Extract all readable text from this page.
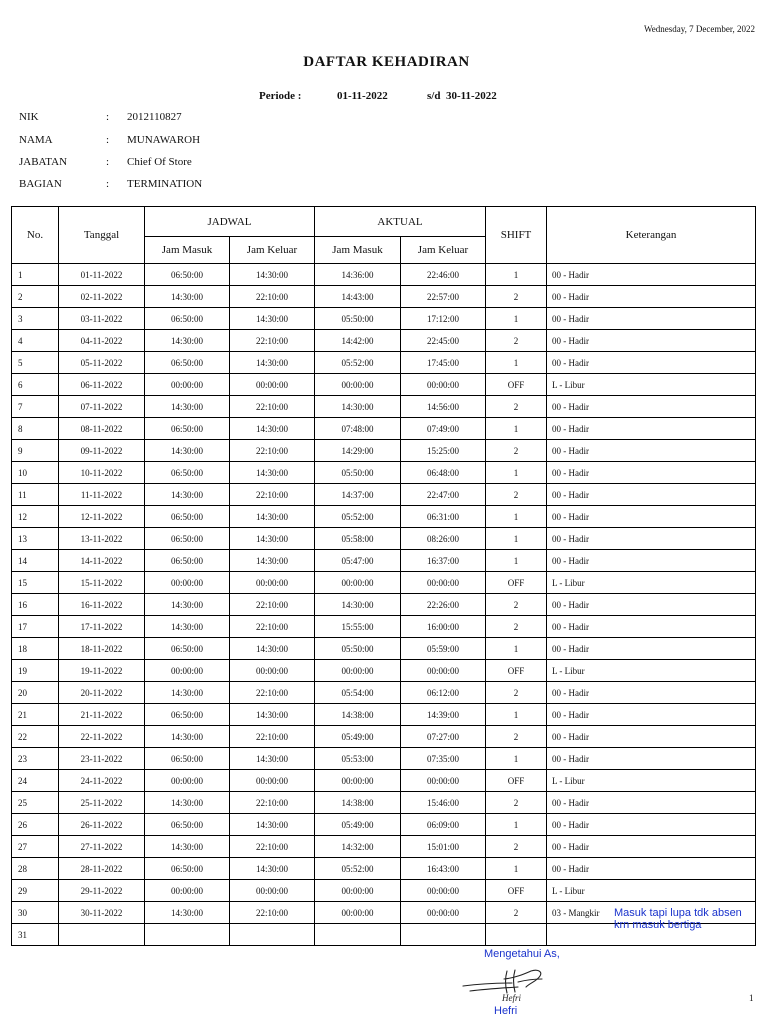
Wednesday, 7 December, 2022
DAFTAR KEHADIRAN
Periode :	01-11-2022	s/d 30-11-2022
NIK	: 2012110827
NAMA	: MUNAWAROH
JABATAN	: Chief Of Store
BAGIAN	: TERMINATION
No.	Tanggal	JADWAL		AKTUAL		SHIFT	Keterangan
		Jam Masuk	Jam Keluar	Jam Masuk	Jam Keluar		
1	01-11-2022	06:50:00	14:30:00	14:36:00	22:46:00	1	00 - Hadir
2	02-11-2022	14:30:00	22:10:00	14:43:00	22:57:00	2	00 - Hadir
3	03-11-2022	06:50:00	14:30:00	05:50:00	17:12:00	1	00 - Hadir
4	04-11-2022	14:30:00	22:10:00	14:42:00	22:45:00	2	00 - Hadir
5	05-11-2022	06:50:00	14:30:00	05:52:00	17:45:00	1	00 - Hadir
6	06-11-2022	00:00:00	00:00:00	00:00:00	00:00:00	OFF	L - Libur
7	07-11-2022	14:30:00	22:10:00	14:30:00	14:56:00	2	00 - Hadir
8	08-11-2022	06:50:00	14:30:00	07:48:00	07:49:00	1	00 - Hadir
9	09-11-2022	14:30:00	22:10:00	14:29:00	15:25:00	2	00 - Hadir
10	10-11-2022	06:50:00	14:30:00	05:50:00	06:48:00	1	00 - Hadir
11	11-11-2022	14:30:00	22:10:00	14:37:00	22:47:00	2	00 - Hadir
12	12-11-2022	06:50:00	14:30:00	05:52:00	06:31:00	1	00 - Hadir
13	13-11-2022	06:50:00	14:30:00	05:58:00	08:26:00	1	00 - Hadir
14	14-11-2022	06:50:00	14:30:00	05:47:00	16:37:00	1	00 - Hadir
15	15-11-2022	00:00:00	00:00:00	00:00:00	00:00:00	OFF	L - Libur
16	16-11-2022	14:30:00	22:10:00	14:30:00	22:26:00	2	00 - Hadir
17	17-11-2022	14:30:00	22:10:00	15:55:00	16:00:00	2	00 - Hadir
18	18-11-2022	06:50:00	14:30:00	05:50:00	05:59:00	1	00 - Hadir
19	19-11-2022	00:00:00	00:00:00	00:00:00	00:00:00	OFF	L - Libur
20	20-11-2022	14:30:00	22:10:00	05:54:00	06:12:00	2	00 - Hadir
21	21-11-2022	06:50:00	14:30:00	14:38:00	14:39:00	1	00 - Hadir
22	22-11-2022	14:30:00	22:10:00	05:49:00	07:27:00	2	00 - Hadir
23	23-11-2022	06:50:00	14:30:00	05:53:00	07:35:00	1	00 - Hadir
24	24-11-2022	00:00:00	00:00:00	00:00:00	00:00:00	OFF	L - Libur
25	25-11-2022	14:30:00	22:10:00	14:38:00	15:46:00	2	00 - Hadir
26	26-11-2022	06:50:00	14:30:00	05:49:00	06:09:00	1	00 - Hadir
27	27-11-2022	14:30:00	22:10:00	14:32:00	15:01:00	2	00 - Hadir
28	28-11-2022	06:50:00	14:30:00	05:52:00	16:43:00	1	00 - Hadir
29	29-11-2022	00:00:00	00:00:00	00:00:00	00:00:00	OFF	L - Libur
30	30-11-2022	14:30:00	22:10:00	00:00:00	00:00:00	2	03 - Mangkir
31							
Masuk tapi lupa tdk absen
krn masuk bertiga
Mengetahui As,
Hefri
Hefri
1
